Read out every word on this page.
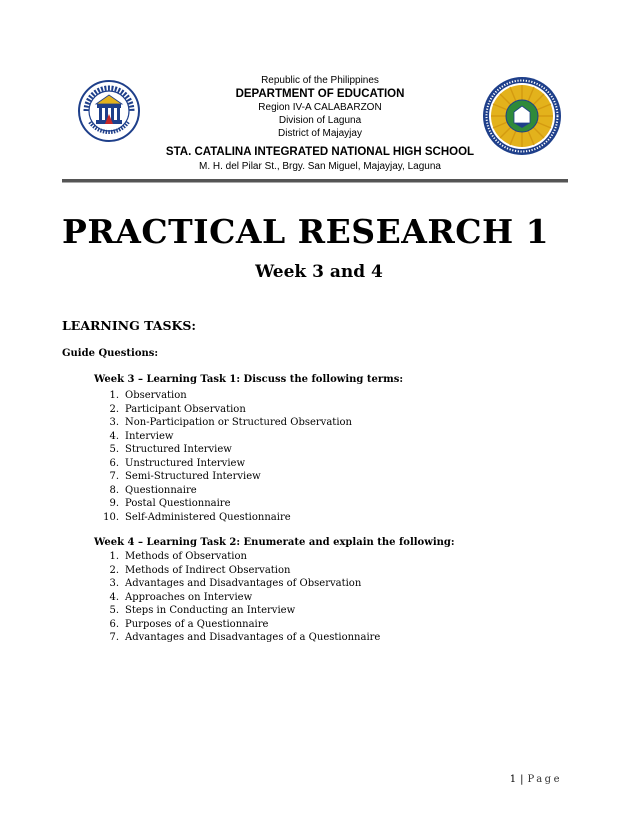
Republic of the Philippines
DEPARTMENT OF EDUCATION
Region IV-A CALABARZON
Division of Laguna
District of Majayjay
STA. CATALINA INTEGRATED NATIONAL HIGH SCHOOL
M. H. del Pilar St., Brgy. San Miguel, Majayjay, Laguna
PRACTICAL RESEARCH 1
Week 3 and 4
LEARNING TASKS:
Guide Questions:
Week 3 – Learning Task 1: Discuss the following terms:
1. Observation
2. Participant Observation
3. Non-Participation or Structured Observation
4. Interview
5. Structured Interview
6. Unstructured Interview
7. Semi-Structured Interview
8. Questionnaire
9. Postal Questionnaire
10. Self-Administered Questionnaire
Week 4 – Learning Task 2: Enumerate and explain the following:
1. Methods of Observation
2. Methods of Indirect Observation
3. Advantages and Disadvantages of Observation
4. Approaches on Interview
5. Steps in Conducting an Interview
6. Purposes of a Questionnaire
7. Advantages and Disadvantages of a Questionnaire
1 | Page
